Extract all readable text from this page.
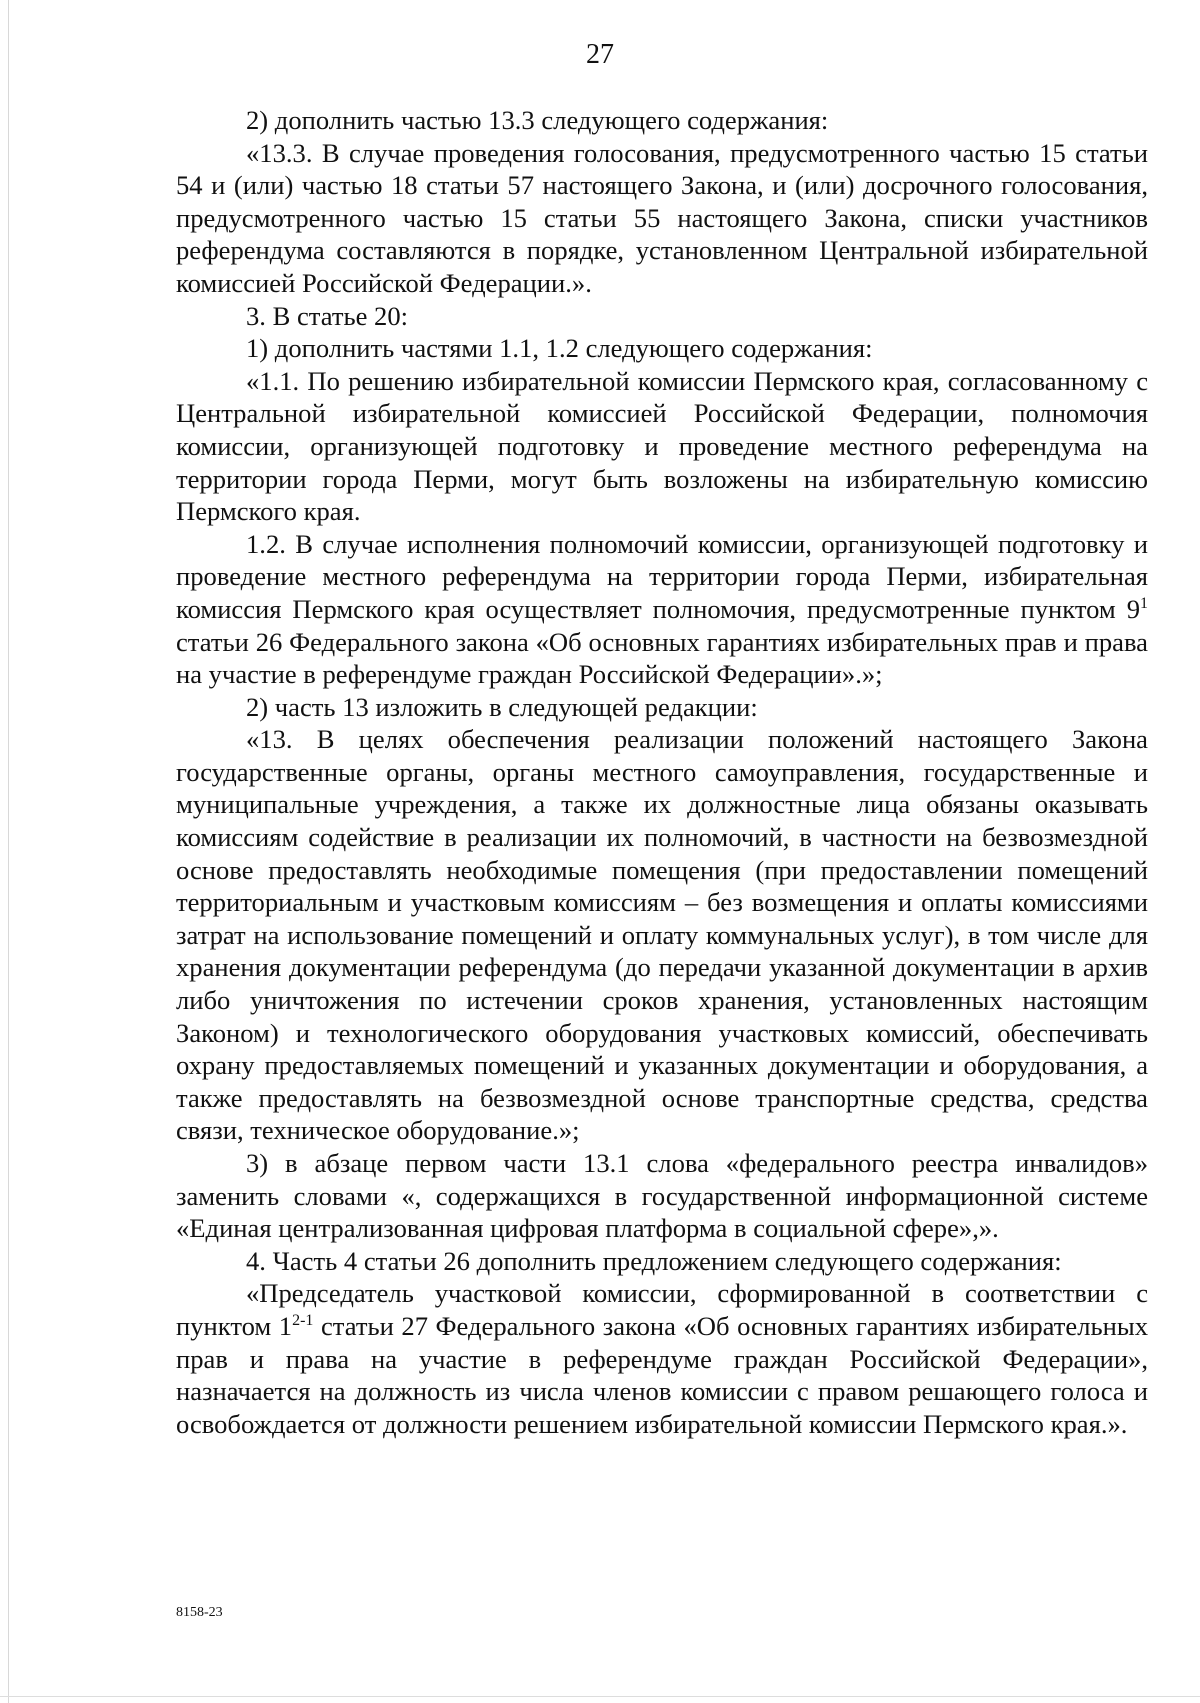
27

2) дополнить частью 13.3 следующего содержания:

«13.3. В случае проведения голосования, предусмотренного частью 15 статьи 54 и (или) частью 18 статьи 57 настоящего Закона, и (или) досрочного голосования, предусмотренного частью 15 статьи 55 настоящего Закона, списки участников референдума составляются в порядке, установленном Центральной избирательной комиссией Российской Федерации.».

3. В статье 20:

1) дополнить частями 1.1, 1.2 следующего содержания:

«1.1. По решению избирательной комиссии Пермского края, согласованному с Центральной избирательной комиссией Российской Федерации, полномочия комиссии, организующей подготовку и проведение местного референдума на территории города Перми, могут быть возложены на избирательную комиссию Пермского края.

1.2. В случае исполнения полномочий комиссии, организующей подготовку и проведение местного референдума на территории города Перми, избирательная комиссия Пермского края осуществляет полномочия, предусмотренные пунктом $9^1$ статьи 26 Федерального закона «Об основных гарантиях избирательных прав и права на участие в референдуме граждан Российской Федерации».»;

2) часть 13 изложить в следующей редакции:

«13. В целях обеспечения реализации положений настоящего Закона государственные органы, органы местного самоуправления, государственные и муниципальные учреждения, а также их должностные лица обязаны оказывать комиссиям содействие в реализации их полномочий, в частности на безвозмездной основе предоставлять необходимые помещения (при предоставлении помещений территориальным и участковым комиссиям – без возмещения и оплаты комиссиями затрат на использование помещений и оплату коммунальных услуг), в том числе для хранения документации референдума (до передачи указанной документации в архив либо уничтожения по истечении сроков хранения, установленных настоящим Законом) и технологического оборудования участковых комиссий, обеспечивать охрану предоставляемых помещений и указанных документации и оборудования, а также предоставлять на безвозмездной основе транспортные средства, средства связи, техническое оборудование.»;

3) в абзаце первом части 13.1 слова «федерального реестра инвалидов» заменить словами «, содержащихся в государственной информационной системе «Единая централизованная цифровая платформа в социальной сфере»,».

4. Часть 4 статьи 26 дополнить предложением следующего содержания:

«Председатель участковой комиссии, сформированной в соответствии с пунктом 1$^{2-1}$ статьи 27 Федерального закона «Об основных гарантиях избирательных прав и права на участие в референдуме граждан Российской Федерации», назначается на должность из числа членов комиссии с правом решающего голоса и освобождается от должности решением избирательной комиссии Пермского края.».

8158-23
